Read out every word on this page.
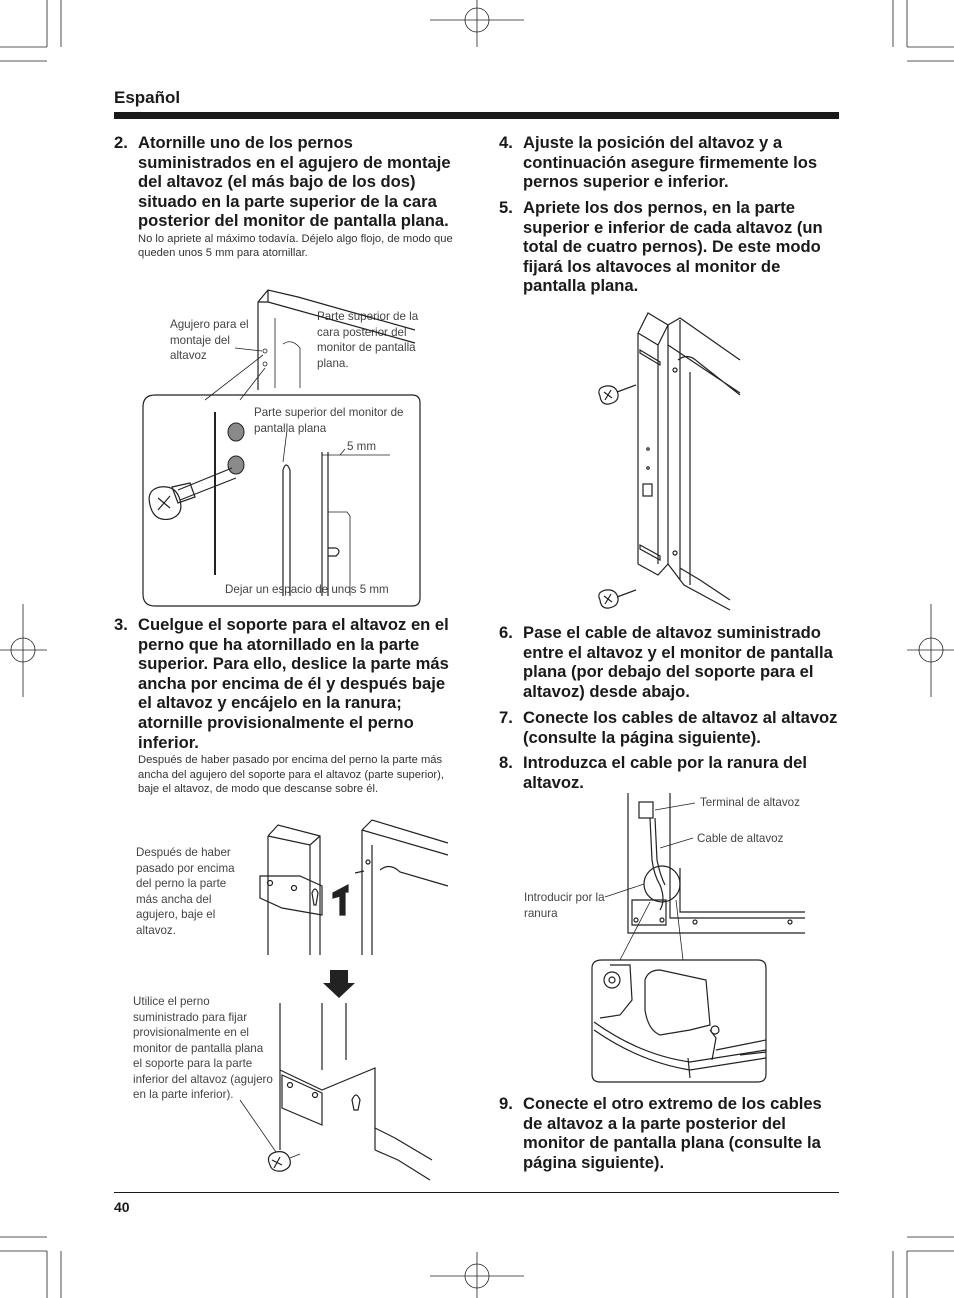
Español
2. Atornille uno de los pernos suministrados en el agujero de montaje del altavoz (el más bajo de los dos) situado en la parte superior de la cara posterior del monitor de pantalla plana.
No lo apriete al máximo todavía. Déjelo algo flojo, de modo que queden unos 5 mm para atornillar.
Agujero para el montaje del altavoz
Parte superior de la cara posterior del monitor de pantalla plana.
Parte superior del monitor de pantalla plana
5 mm
Dejar un espacio de unos 5 mm
3. Cuelgue el soporte para el altavoz en el perno que ha atornillado en la parte superior. Para ello, deslice la parte más ancha por encima de él y después baje el altavoz y encájelo en la ranura; atornille provisionalmente el perno inferior.
Después de haber pasado por encima del perno la parte más ancha del agujero del soporte para el altavoz (parte superior), baje el altavoz, de modo que descanse sobre él.
Después de haber pasado por encima del perno la parte más ancha del agujero, baje el altavoz.
Utilice el perno suministrado para fijar provisionalmente en el monitor de pantalla plana el soporte para la parte inferior del altavoz (agujero en la parte inferior).
4. Ajuste la posición del altavoz y a continuación asegure firmemente los pernos superior e inferior.
5. Apriete los dos pernos, en la parte superior e inferior de cada altavoz (un total de cuatro pernos). De este modo fijará los altavoces al monitor de pantalla plana.
6. Pase el cable de altavoz suministrado entre el altavoz y el monitor de pantalla plana (por debajo del soporte para el altavoz) desde abajo.
7. Conecte los cables de altavoz al altavoz (consulte la página siguiente).
8. Introduzca el cable por la ranura del altavoz.
Terminal de altavoz
Cable de altavoz
Introducir por la ranura
9. Conecte el otro extremo de los cables de altavoz a la parte posterior del monitor de pantalla plana (consulte la página siguiente).
40
